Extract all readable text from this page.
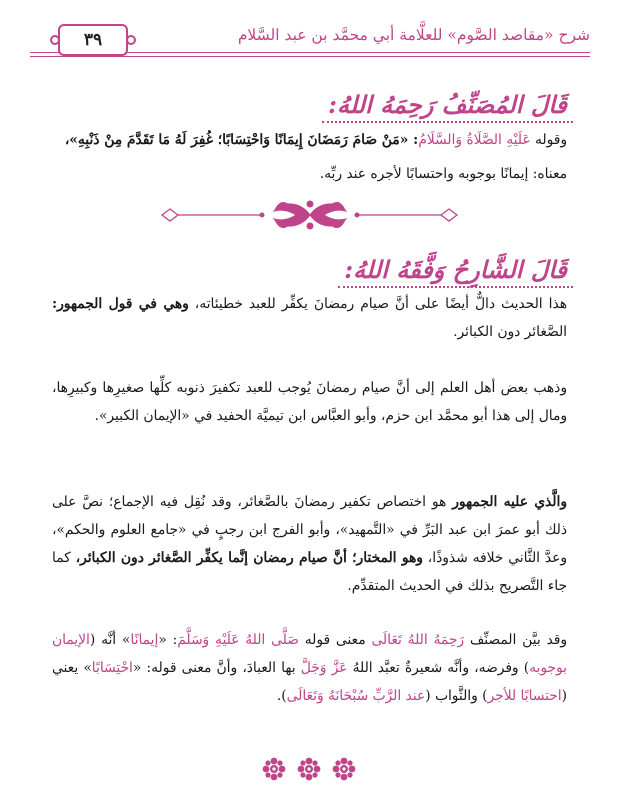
شرح «مقاصد الصَّوم» للعلَّامة أبي محمَّد بن عبد السَّلام
٣٩
قَالَ المُصَنِّفُ رَحِمَهُ اللهُ:
وقوله عَلَيْهِ الصَّلَاةُ وَالسَّلَامُ: «مَنْ صَامَ رَمَضَانَ إِيمَانًا وَاحْتِسَابًا؛ غُفِرَ لَهُ مَا تَقَدَّمَ مِنْ ذَنْبِهِ»،
معناه: إيمانًا بوجوبه واحتسابًا لأجره عند ربِّه.
قَالَ الشَّارِحُ وَفَّقَهُ اللهُ:
هذا الحديث دالٌّ أيضًا على أنَّ صيام رمضانَ يكفِّر للعبد خطيئاته، وهي في قول الجمهور: الصَّغائر دون الكبائر.
وذهب بعض أهل العلم إلى أنَّ صيام رمضانَ يُوجب للعبد تكفيرَ ذنوبه كلِّها صغيرِها وكبيرِها، ومال إلى هذا أبو محمَّد ابن حزم، وأبو العبَّاس ابن تيميَّة الحفيد في «الإيمان الكبير».
والَّذي عليه الجمهور هو اختصاص تكفير رمضانَ بالصَّغائر، وقد نُقِل فيه الإجماع؛ نصَّ على ذلك أبو عمرَ ابن عبد البَرِّ في «التَّمهيد»، وأبو الفرج ابن رجبٍ في «جامع العلوم والحكم»، وعدَّ الثَّاني خلافه شذوذًا، وهو المختار؛ أنَّ صيام رمضان إنَّما يكفِّر الصَّغائر دون الكبائر، كما جاء التَّصريح بذلك في الحديث المتقدِّم.
وقد بيَّن المصنِّف رَحِمَهُ اللهُ تَعَالَى معنى قوله صَلَّى اللهُ عَلَيْهِ وَسَلَّمَ: «إيمانًا» أنَّه (الإيمان بوجوبه) وفرضه، وأنَّه شعيرةٌ تعبَّد اللهُ عَزَّ وَجَلَّ بها العبادَ، وأنَّ معنى قوله: «احْتِسَابًا» يعني (احتسابًا للأجر) والثَّواب (عند الرَّبِّ سُبْحَانَهُ وَتَعَالَى).
